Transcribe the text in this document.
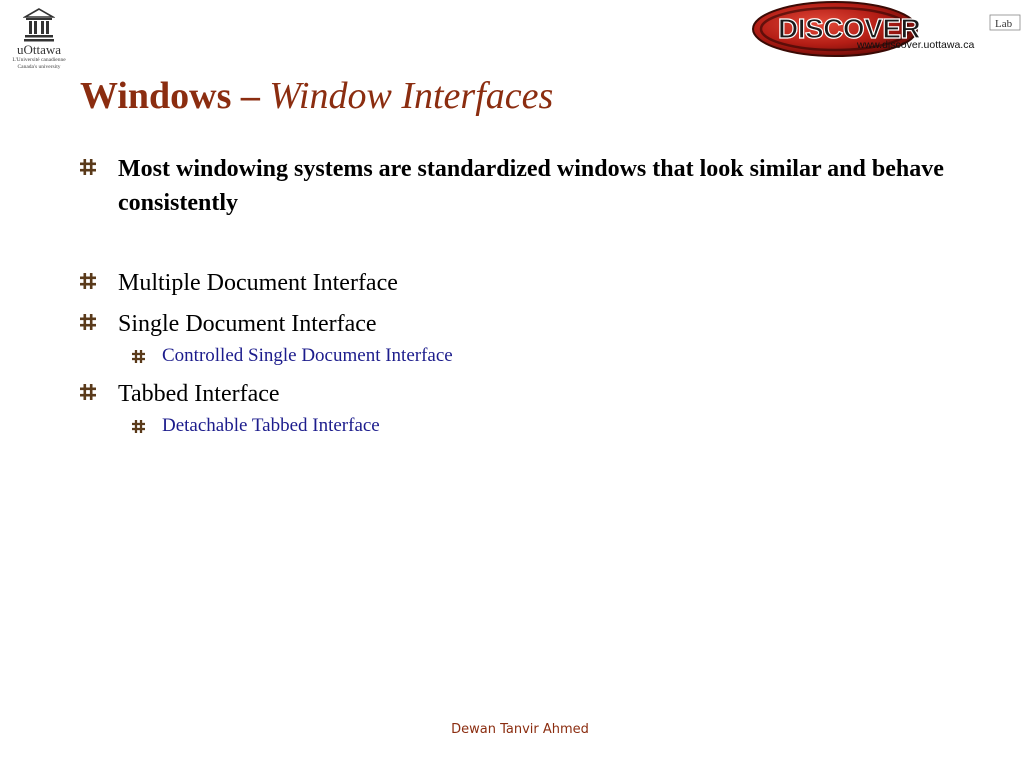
uOttawa
L'Université canadienne
Canada's university
DISCOVER	Lab
www.discover.uottawa.ca
Windows – Window Interfaces
Most windowing systems are standardized windows that look similar and behave consistently
Multiple Document Interface
Single Document Interface
Controlled Single Document Interface
Tabbed Interface
Detachable Tabbed Interface
Dewan Tanvir Ahmed
